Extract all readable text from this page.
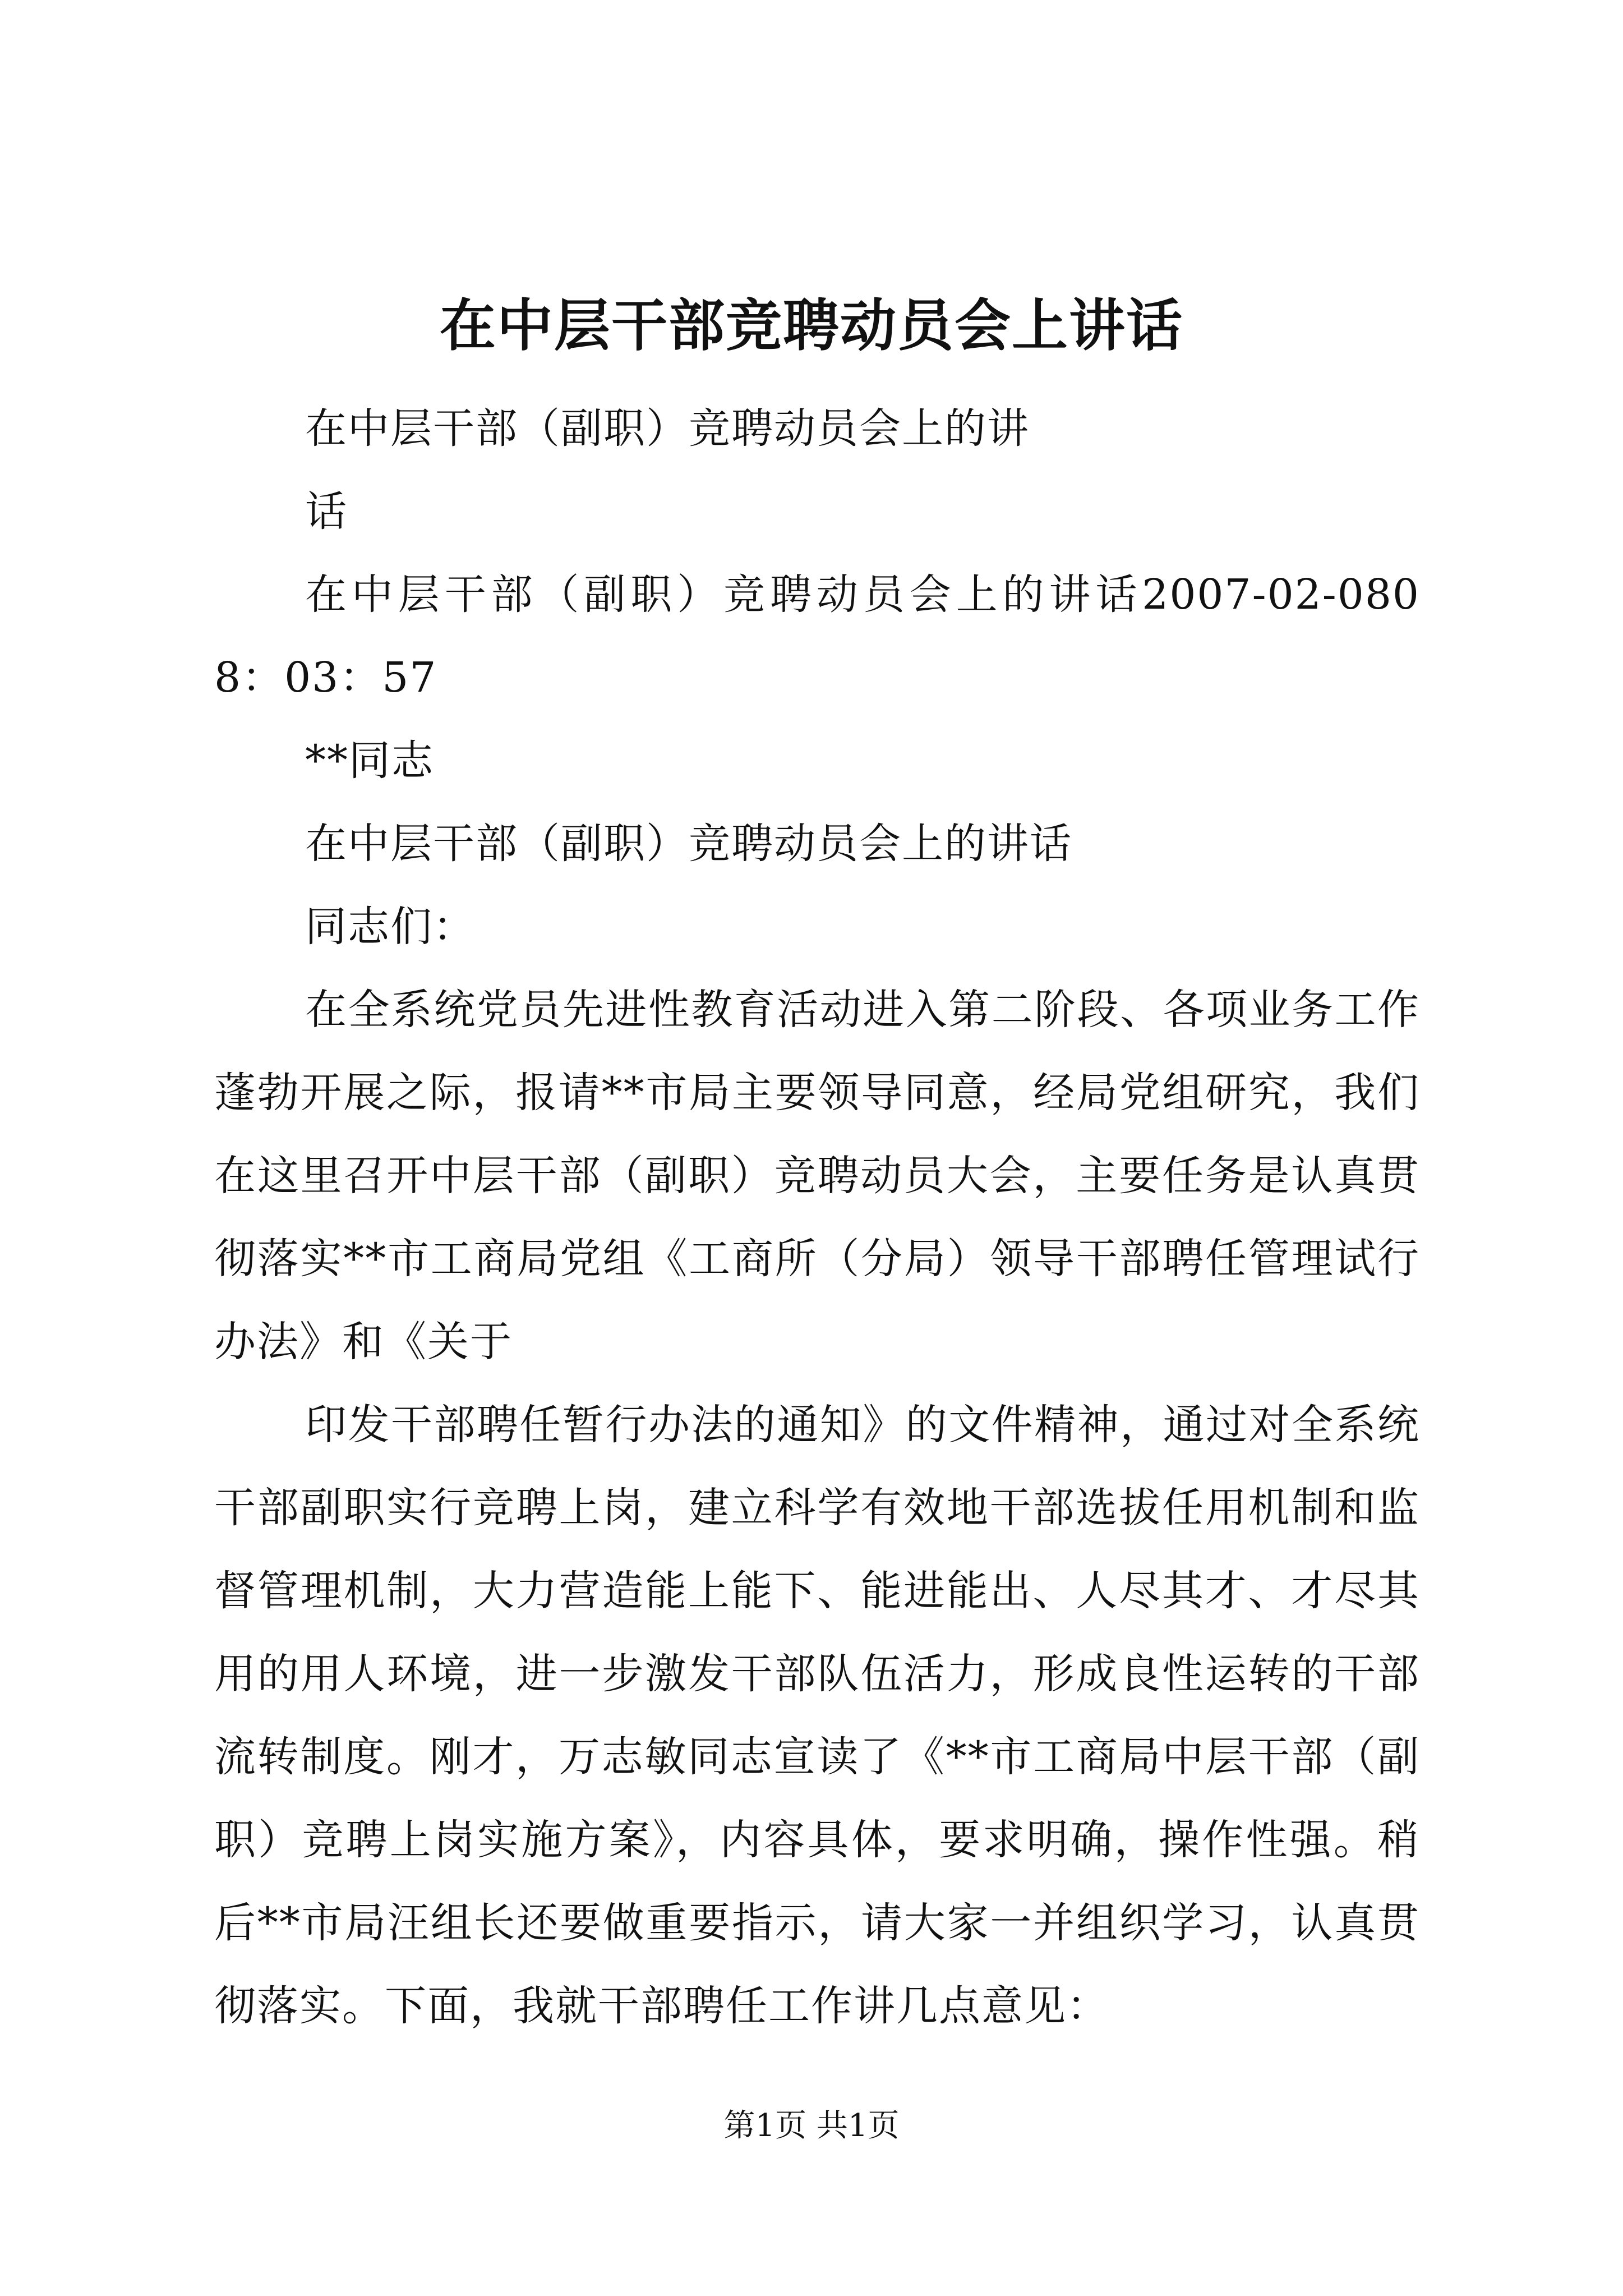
在中层干部竞聘动员会上讲话

在中层干部（副职）竞聘动员会上的讲

话

在中层干部（副职）竞聘动员会上的讲话2007-02-0808：03：57

**同志

在中层干部（副职）竞聘动员会上的讲话

同志们：

在全系统党员先进性教育活动进入第二阶段、各项业务工作蓬勃开展之际，报请**市局主要领导同意，经局党组研究，我们在这里召开中层干部（副职）竞聘动员大会，主要任务是认真贯彻落实**市工商局党组《工商所（分局）领导干部聘任管理试行办法》和《关于

印发干部聘任暂行办法的通知》的文件精神，通过对全系统干部副职实行竞聘上岗，建立科学有效地干部选拔任用机制和监督管理机制，大力营造能上能下、能进能出、人尽其才、才尽其用的用人环境，进一步激发干部队伍活力，形成良性运转的干部流转制度。刚才，万志敏同志宣读了《**市工商局中层干部（副职）竞聘上岗实施方案》，内容具体，要求明确，操作性强。稍后**市局汪组长还要做重要指示，请大家一并组织学习，认真贯彻落实。下面，我就干部聘任工作讲几点意见：

第1页 共1页
